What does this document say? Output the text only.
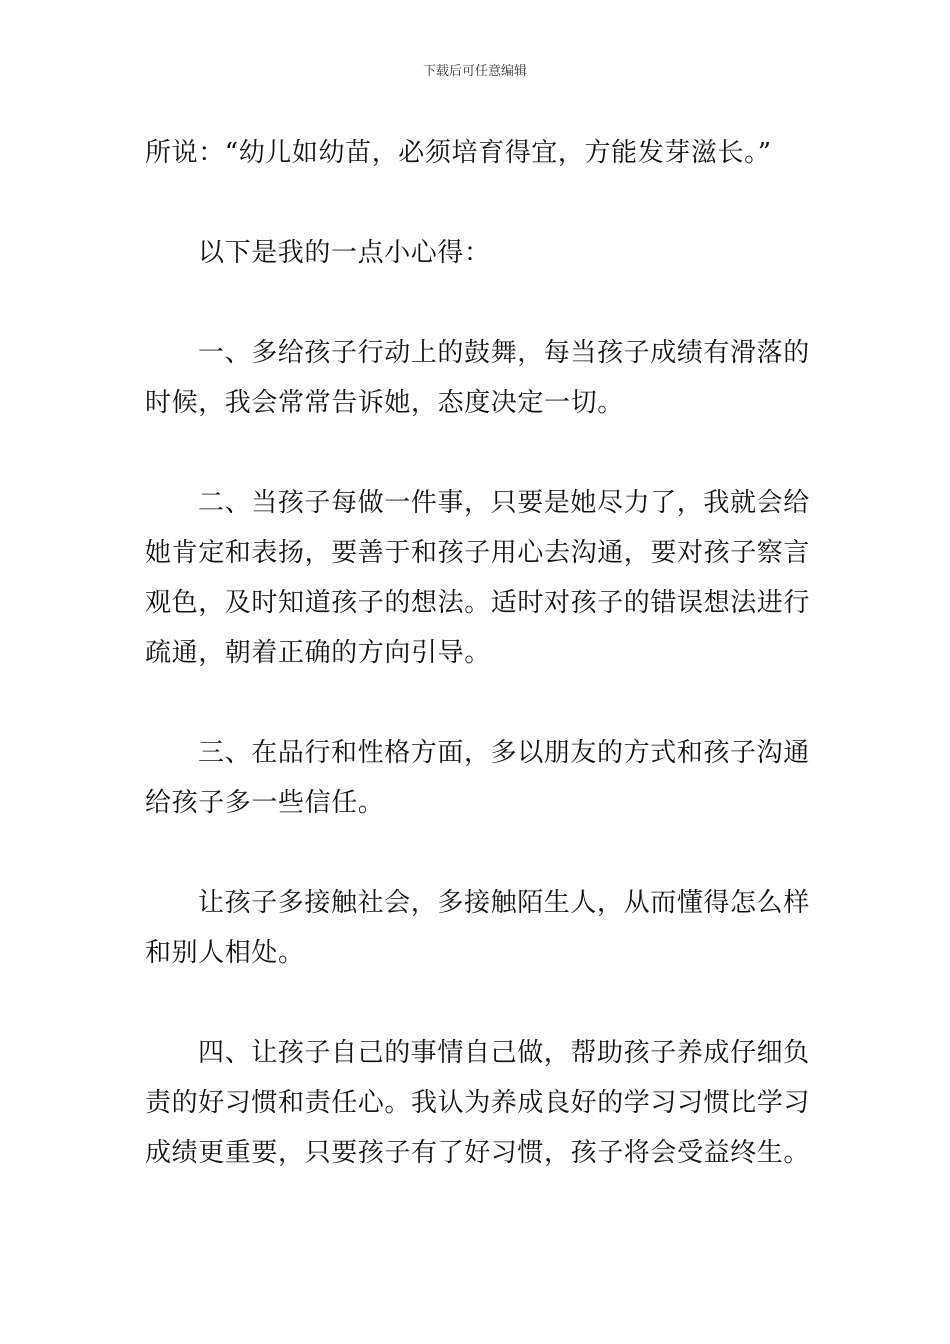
下载后可任意编辑
所说：“幼儿如幼苗，必须培育得宜，方能发芽滋长。”
以下是我的一点小心得：
一、多给孩子行动上的鼓舞，每当孩子成绩有滑落的
时候，我会常常告诉她，态度决定一切。
二、当孩子每做一件事，只要是她尽力了，我就会给
她肯定和表扬，要善于和孩子用心去沟通，要对孩子察言
观色，及时知道孩子的想法。适时对孩子的错误想法进行
疏通，朝着正确的方向引导。
三、在品行和性格方面，多以朋友的方式和孩子沟通
给孩子多一些信任。
让孩子多接触社会，多接触陌生人，从而懂得怎么样
和别人相处。
四、让孩子自己的事情自己做，帮助孩子养成仔细负
责的好习惯和责任心。我认为养成良好的学习习惯比学习
成绩更重要，只要孩子有了好习惯，孩子将会受益终生。
